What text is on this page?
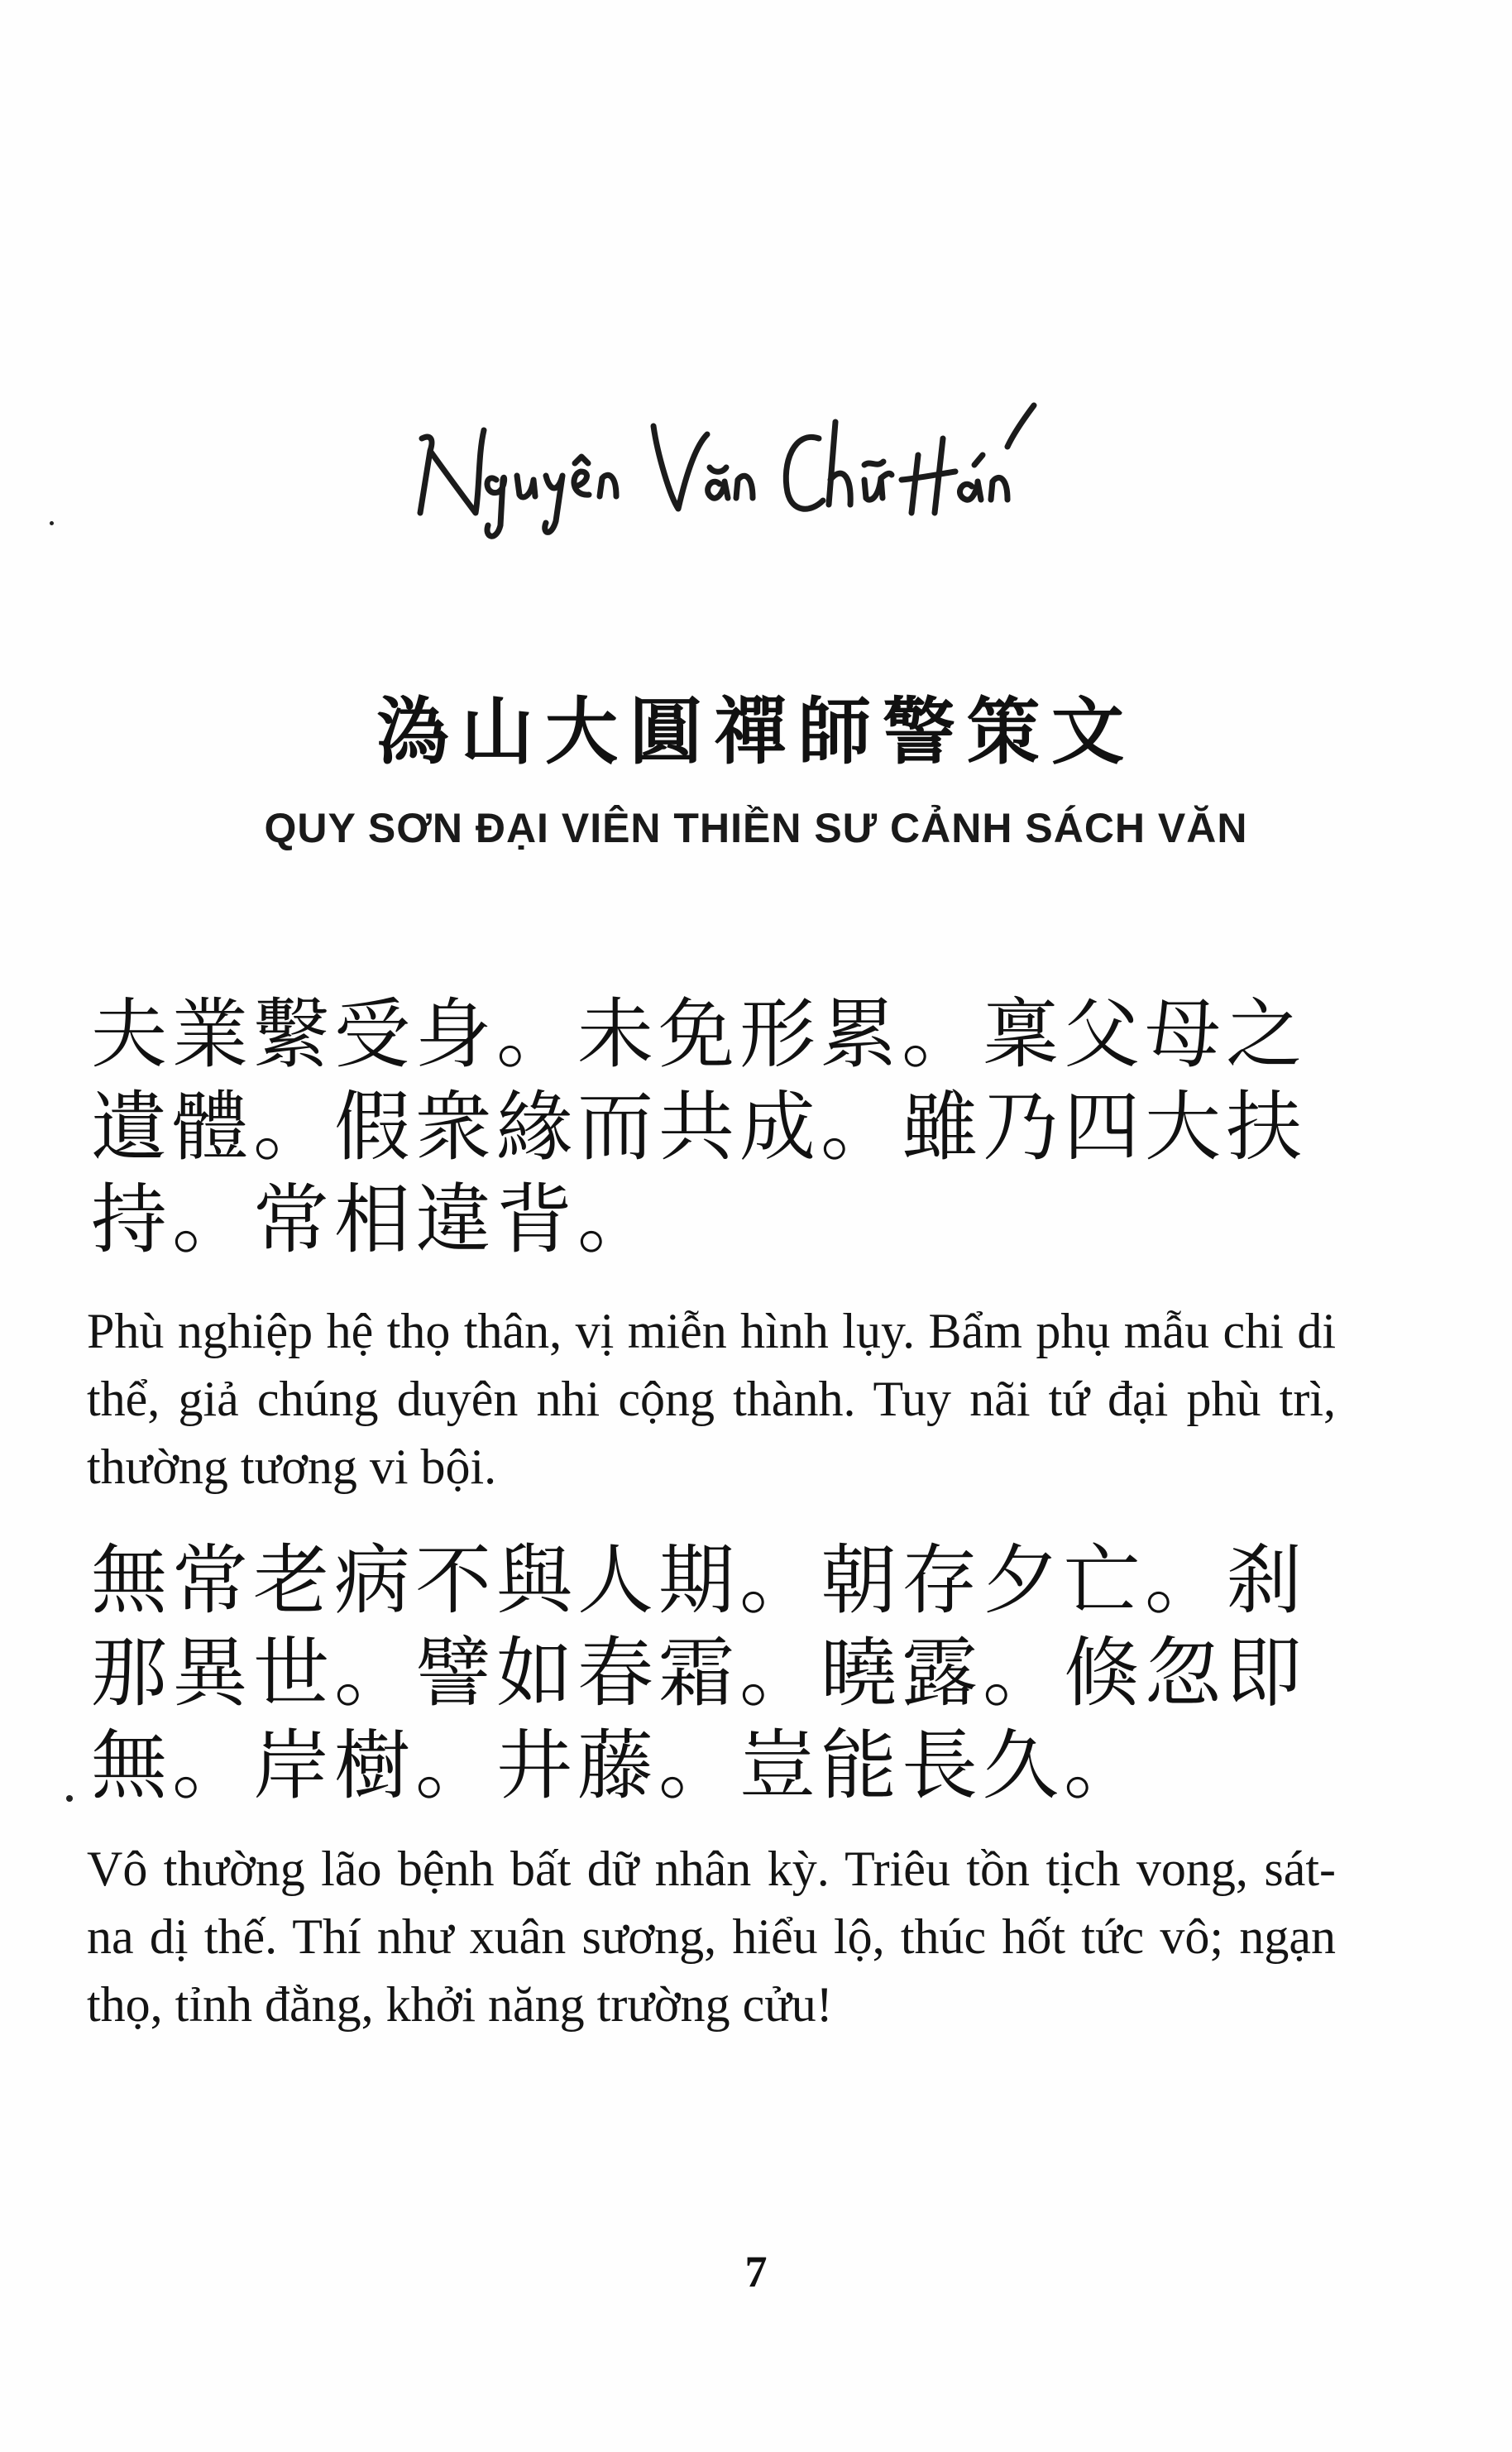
溈山大圓禪師警策文
QUY SƠN ĐẠI VIÊN THIỀN SƯ CẢNH SÁCH VĂN
夫業繫受身。未免形累。稟父母之
遺體。假衆緣而共成。雖乃四大扶
持。常相違背。
Phù nghiệp hệ thọ thân, vị miễn hình lụy. Bẩm phụ mẫu chi di thể, giả chúng duyên nhi cộng thành. Tuy nãi tứ đại phù trì, thường tương vi bội.
無常老病不與人期。朝存夕亡。刹
那異世。譬如春霜。曉露。倏忽即
無。岸樹。井藤。豈能長久。
Vô thường lão bệnh bất dữ nhân kỳ. Triêu tồn tịch vong, sát-na dị thế. Thí như xuân sương, hiểu lộ, thúc hốt tức vô; ngạn thọ, tỉnh đằng, khởi năng trường cửu!
7
